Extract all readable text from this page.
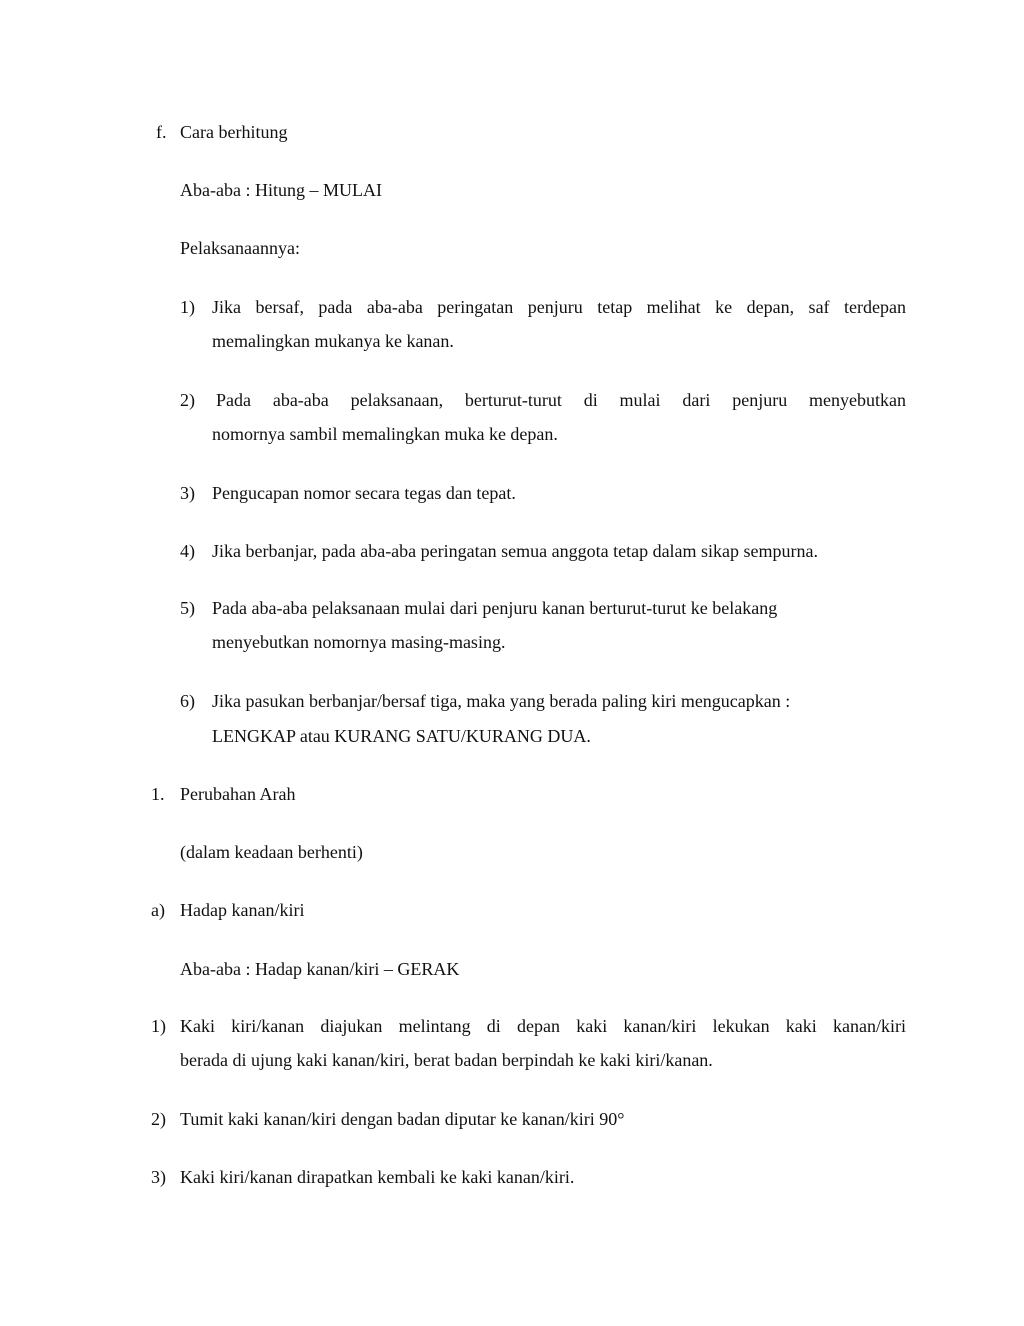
f. Cara berhitung
Aba-aba : Hitung – MULAI
Pelaksanaannya:
1) Jika bersaf, pada aba-aba peringatan penjuru tetap melihat ke depan, saf terdepan
memalingkan mukanya ke kanan.
2) Pada aba-aba pelaksanaan, berturut-turut di mulai dari penjuru menyebutkan
nomornya sambil memalingkan muka ke depan.
3) Pengucapan nomor secara tegas dan tepat.
4) Jika berbanjar, pada aba-aba peringatan semua anggota tetap dalam sikap sempurna.
5) Pada aba-aba pelaksanaan mulai dari penjuru kanan berturut-turut ke belakang
menyebutkan nomornya masing-masing.
6) Jika pasukan berbanjar/bersaf tiga, maka yang berada paling kiri mengucapkan :
LENGKAP atau KURANG SATU/KURANG DUA.
1. Perubahan Arah
(dalam keadaan berhenti)
a) Hadap kanan/kiri
Aba-aba : Hadap kanan/kiri – GERAK
1) Kaki kiri/kanan diajukan melintang di depan kaki kanan/kiri lekukan kaki kanan/kiri
berada di ujung kaki kanan/kiri, berat badan berpindah ke kaki kiri/kanan.
2) Tumit kaki kanan/kiri dengan badan diputar ke kanan/kiri 90°
3) Kaki kiri/kanan dirapatkan kembali ke kaki kanan/kiri.
